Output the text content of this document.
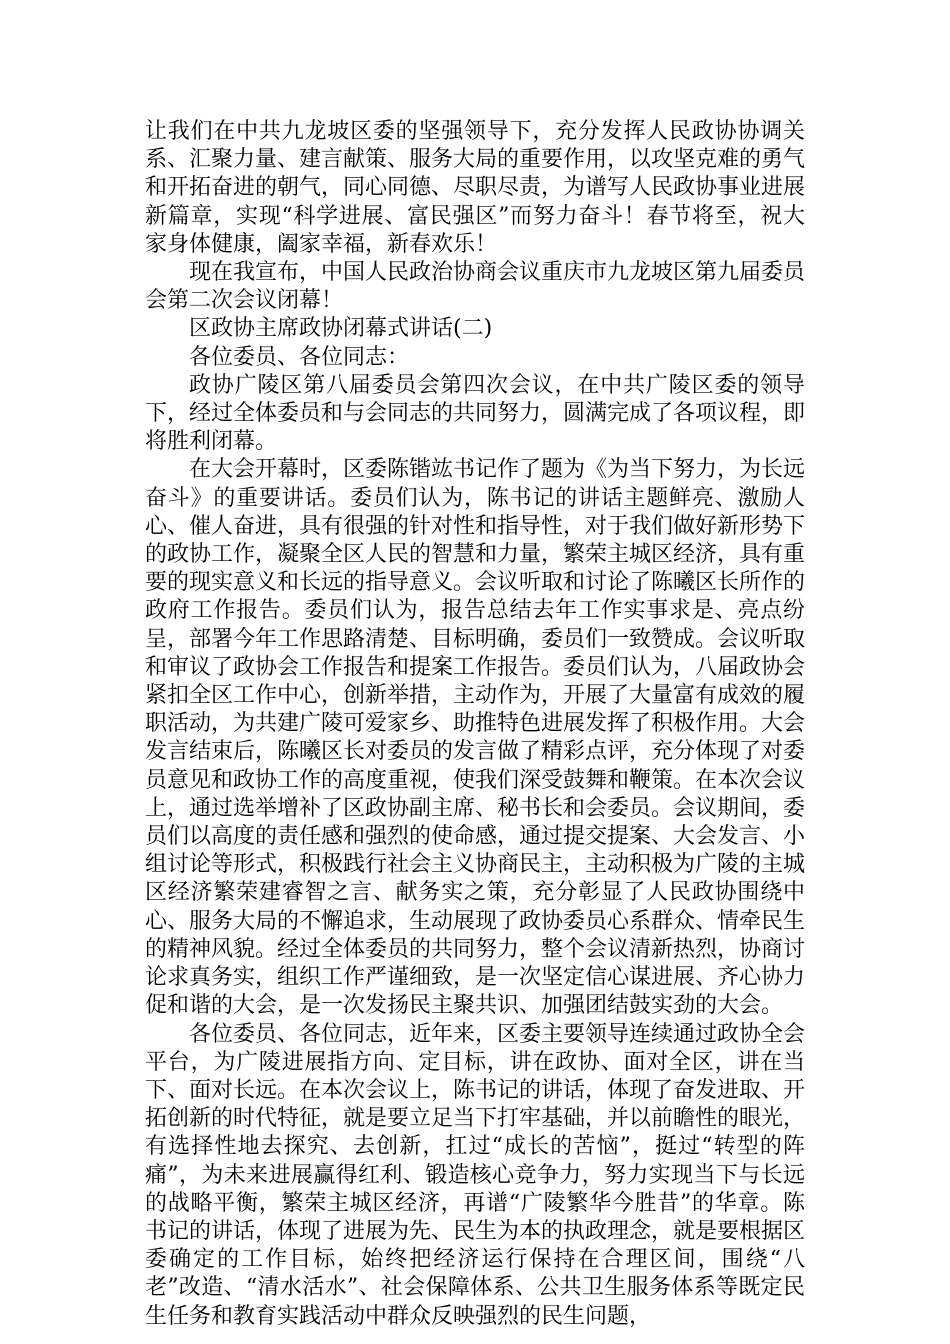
让我们在中共九龙坡区委的坚强领导下，充分发挥人民政协协调关系、汇聚力量、建言献策、服务大局的重要作用，以攻坚克难的勇气和开拓奋进的朝气，同心同德、尽职尽责，为谱写人民政协事业进展新篇章，实现“科学进展、富民强区”而努力奋斗！春节将至，祝大家身体健康，阖家幸福，新春欢乐！

现在我宣布，中国人民政治协商会议重庆市九龙坡区第九届委员会第二次会议闭幕！

区政协主席政协闭幕式讲话(二)

各位委员、各位同志：

政协广陵区第八届委员会第四次会议，在中共广陵区委的领导下，经过全体委员和与会同志的共同努力，圆满完成了各项议程，即将胜利闭幕。

在大会开幕时，区委陈锴竑书记作了题为《为当下努力，为长远奋斗》的重要讲话。委员们认为，陈书记的讲话主题鲜亮、激励人心、催人奋进，具有很强的针对性和指导性，对于我们做好新形势下的政协工作，凝聚全区人民的智慧和力量，繁荣主城区经济，具有重要的现实意义和长远的指导意义。会议听取和讨论了陈曦区长所作的政府工作报告。委员们认为，报告总结去年工作实事求是、亮点纷呈，部署今年工作思路清楚、目标明确，委员们一致赞成。会议听取和审议了政协会工作报告和提案工作报告。委员们认为，八届政协会紧扣全区工作中心，创新举措，主动作为，开展了大量富有成效的履职活动，为共建广陵可爱家乡、助推特色进展发挥了积极作用。大会发言结束后，陈曦区长对委员的发言做了精彩点评，充分体现了对委员意见和政协工作的高度重视，使我们深受鼓舞和鞭策。在本次会议上，通过选举增补了区政协副主席、秘书长和会委员。会议期间，委员们以高度的责任感和强烈的使命感，通过提交提案、大会发言、小组讨论等形式，积极践行社会主义协商民主，主动积极为广陵的主城区经济繁荣建睿智之言、献务实之策，充分彰显了人民政协围绕中心、服务大局的不懈追求，生动展现了政协委员心系群众、情牵民生的精神风貌。经过全体委员的共同努力，整个会议清新热烈，协商讨论求真务实，组织工作严谨细致，是一次坚定信心谋进展、齐心协力促和谐的大会，是一次发扬民主聚共识、加强团结鼓实劲的大会。

各位委员、各位同志，近年来，区委主要领导连续通过政协全会平台，为广陵进展指方向、定目标，讲在政协、面对全区，讲在当下、面对长远。在本次会议上，陈书记的讲话，体现了奋发进取、开拓创新的时代特征，就是要立足当下打牢基础，并以前瞻性的眼光，有选择性地去探究、去创新，扛过“成长的苦恼”，挺过“转型的阵痛”，为未来进展赢得红利、锻造核心竞争力，努力实现当下与长远的战略平衡，繁荣主城区经济，再谱“广陵繁华今胜昔”的华章。陈书记的讲话，体现了进展为先、民生为本的执政理念，就是要根据区委确定的工作目标，始终把经济运行保持在合理区间，围绕“八老”改造、“清水活水”、社会保障体系、公共卫生服务体系等既定民生任务和教育实践活动中群众反映强烈的民生问题，
